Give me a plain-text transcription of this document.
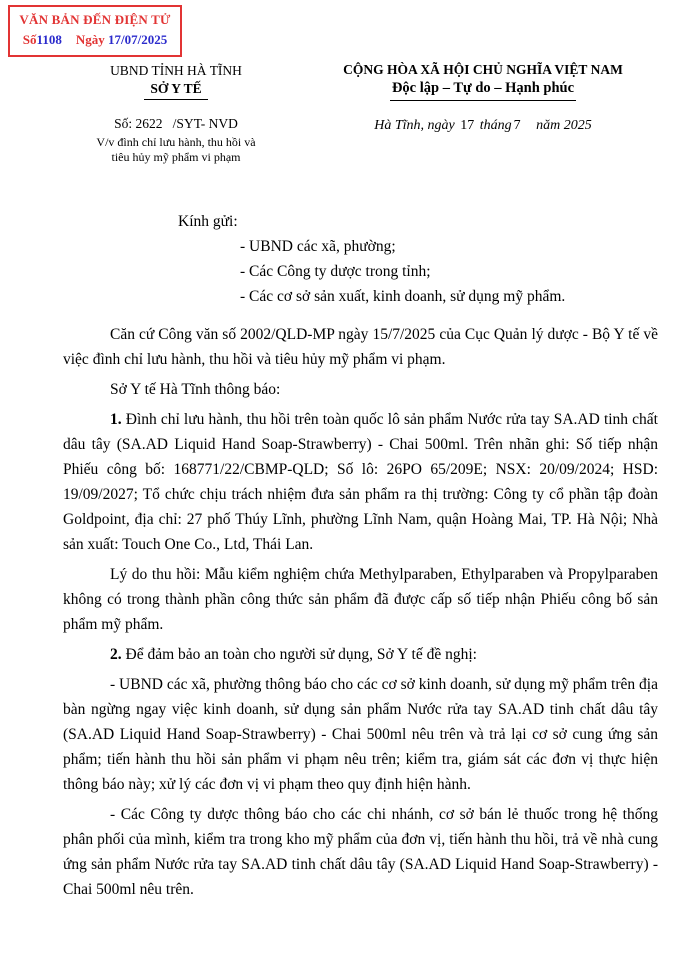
VĂN BẢN ĐẾN ĐIỆN TỬ
Số1108 Ngày 17/07/2025
UBND TỈNH HÀ TĨNH
SỞ Y TẾ
Số: 2622   /SYT- NVD
V/v đình chỉ lưu hành, thu hồi và
tiêu hủy mỹ phẩm vi phạm
CỘNG HÒA XÃ HỘI CHỦ NGHĨA VIỆT NAM
Độc lập – Tự do – Hạnh phúc
Hà Tĩnh, ngày 17 tháng 7 năm 2025
Kính gửi:
- UBND các xã, phường;
- Các Công ty dược trong tỉnh;
- Các cơ sở sản xuất, kinh doanh, sử dụng mỹ phẩm.

Căn cứ Công văn số 2002/QLD-MP ngày 15/7/2025 của Cục Quản lý dược - Bộ Y tế về việc đình chỉ lưu hành, thu hồi và tiêu hủy mỹ phẩm vi phạm.

Sở Y tế Hà Tĩnh thông báo:

1. Đình chỉ lưu hành, thu hồi trên toàn quốc lô sản phẩm Nước rửa tay SA.AD tinh chất dâu tây (SA.AD Liquid Hand Soap-Strawberry) - Chai 500ml. Trên nhãn ghi: Số tiếp nhận Phiếu công bố: 168771/22/CBMP-QLD; Số lô: 26PO 65/209E; NSX: 20/09/2024; HSD: 19/09/2027; Tổ chức chịu trách nhiệm đưa sản phẩm ra thị trường: Công ty cổ phần tập đoàn Goldpoint, địa chỉ: 27 phố Thúy Lĩnh, phường Lĩnh Nam, quận Hoàng Mai, TP. Hà Nội; Nhà sản xuất: Touch One Co., Ltd, Thái Lan.

Lý do thu hồi: Mẫu kiểm nghiệm chứa Methylparaben, Ethylparaben và Propylparaben không có trong thành phần công thức sản phẩm đã được cấp số tiếp nhận Phiếu công bố sản phẩm mỹ phẩm.

2. Để đảm bảo an toàn cho người sử dụng, Sở Y tế đề nghị:

- UBND các xã, phường thông báo cho các cơ sở kinh doanh, sử dụng mỹ phẩm trên địa bàn ngừng ngay việc kinh doanh, sử dụng sản phẩm Nước rửa tay SA.AD tinh chất dâu tây (SA.AD Liquid Hand Soap-Strawberry) - Chai 500ml nêu trên và trả lại cơ sở cung ứng sản phẩm; tiến hành thu hồi sản phẩm vi phạm nêu trên; kiểm tra, giám sát các đơn vị thực hiện thông báo này; xử lý các đơn vị vi phạm theo quy định hiện hành.

- Các Công ty dược thông báo cho các chi nhánh, cơ sở bán lẻ thuốc trong hệ thống phân phối của mình, kiểm tra trong kho mỹ phẩm của đơn vị, tiến hành thu hồi, trả về nhà cung ứng sản phẩm Nước rửa tay SA.AD tinh chất dâu tây (SA.AD Liquid Hand Soap-Strawberry) - Chai 500ml nêu trên.
